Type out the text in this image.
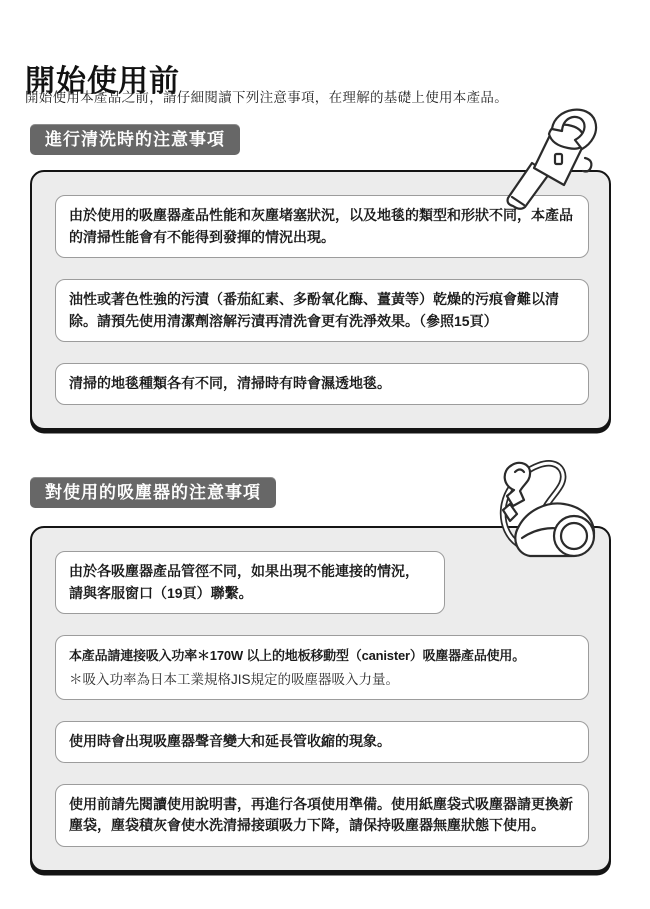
開始使用前
開始使用本產品之前，請仔細閱讀下列注意事項，在理解的基礎上使用本產品。
進行清洗時的注意事項

由於使用的吸塵器產品性能和灰塵堵塞狀況，以及地毯的類型和形狀不同，本產品的清掃性能會有不能得到發揮的情況出現。

油性或著色性強的污漬（番茄紅素、多酚氧化酶、薑黃等）乾燥的污痕會難以清除。請預先使用清潔劑溶解污漬再清洗會更有洗淨效果。（參照15頁）

清掃的地毯種類各有不同，清掃時有時會濕透地毯。

對使用的吸塵器的注意事項

由於各吸塵器產品管徑不同，如果出現不能連接的情況，請與客服窗口（19頁）聯繫。

本產品請連接吸入功率＊170W 以上的地板移動型（canister）吸塵器產品使用。

＊吸入功率為日本工業規格JIS規定的吸塵器吸入力量。

使用時會出現吸塵器聲音變大和延長管收縮的現象。

使用前請先閱讀使用說明書，再進行各項使用準備。使用紙塵袋式吸塵器請更換新塵袋，塵袋積灰會使水洗清掃接頭吸力下降，請保持吸塵器無塵狀態下使用。
